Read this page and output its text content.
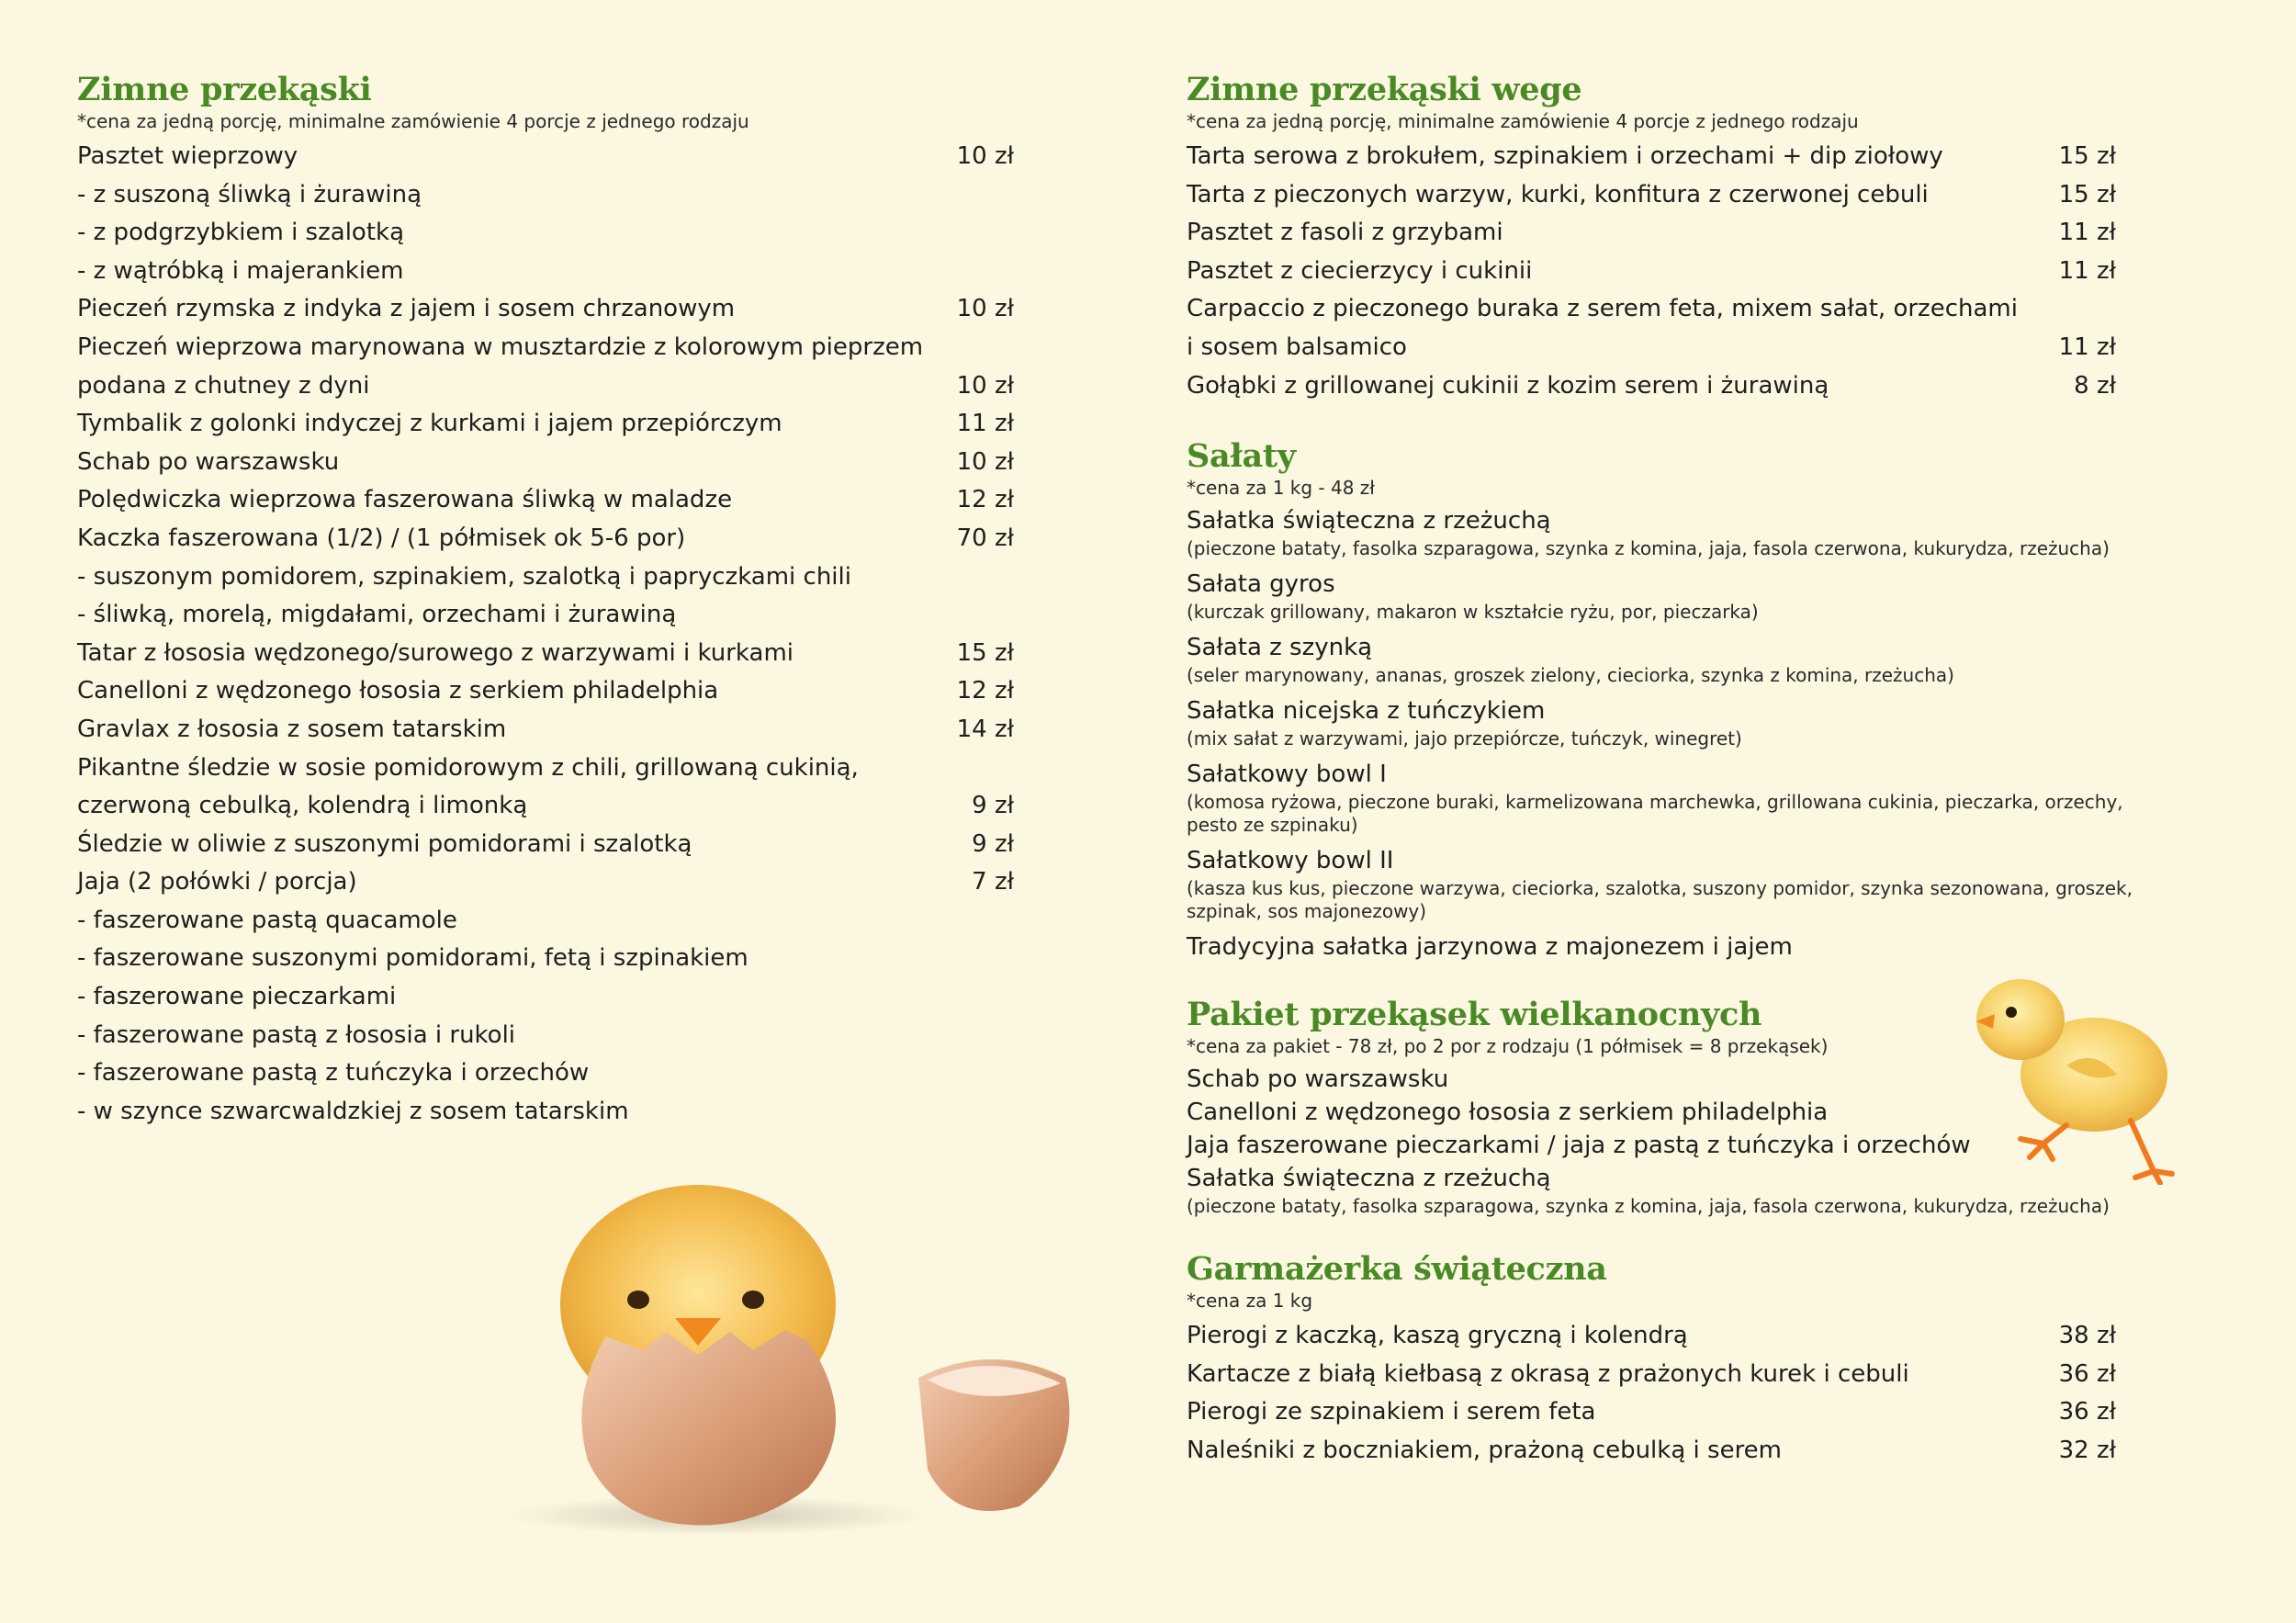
Zimne przekąski

*cena za jedną porcję, minimalne zamówienie 4 porcje z jednego rodzaju

Pasztet wieprzowy	10 zł
- z suszoną śliwką i żurawiną
- z podgrzybkiem i szalotką
- z wątróbką i majerankiem
Pieczeń rzymska z indyka z jajem i sosem chrzanowym	10 zł
Pieczeń wieprzowa marynowana w musztardzie z kolorowym pieprzem
podana z chutney z dyni	10 zł
Tymbalik z golonki indyczej z kurkami i jajem przepiórczym	11 zł
Schab po warszawsku	10 zł
Polędwiczka wieprzowa faszerowana śliwką w maladze	12 zł
Kaczka faszerowana (1/2) / (1 półmisek ok 5-6 por)	70 zł
- suszonym pomidorem, szpinakiem, szalotką i papryczkami chili
- śliwką, morelą, migdałami, orzechami i żurawiną
Tatar z łososia wędzonego/surowego z warzywami i kurkami	15 zł
Canelloni z wędzonego łososia z serkiem philadelphia	12 zł
Gravlax z łososia z sosem tatarskim	14 zł
Pikantne śledzie w sosie pomidorowym z chili, grillowaną cukinią,
czerwoną cebulką, kolendrą i limonką	9 zł
Śledzie w oliwie z suszonymi pomidorami i szalotką	9 zł
Jaja (2 połówki / porcja)	7 zł
- faszerowane pastą quacamole
- faszerowane suszonymi pomidorami, fetą i szpinakiem
- faszerowane pieczarkami
- faszerowane pastą z łososia i rukoli
- faszerowane pastą z tuńczyka i orzechów
- w szynce szwarcwaldzkiej z sosem tatarskim
Zimne przekąski wege

*cena za jedną porcję, minimalne zamówienie 4 porcje z jednego rodzaju

Tarta serowa z brokułem, szpinakiem i orzechami + dip ziołowy	15 zł
Tarta z pieczonych warzyw, kurki, konfitura z czerwonej cebuli	15 zł
Pasztet z fasoli z grzybami	11 zł
Pasztet z ciecierzycy i cukinii	11 zł
Carpaccio z pieczonego buraka z serem feta, mixem sałat, orzechami
i sosem balsamico	11 zł
Gołąbki z grillowanej cukinii z kozim serem i żurawiną	8 zł
Sałaty

*cena za 1 kg - 48 zł

Sałatka świąteczna z rzeżuchą
(pieczone bataty, fasolka szparagowa, szynka z komina, jaja, fasola czerwona, kukurydza, rzeżucha)
Sałata gyros
(kurczak grillowany, makaron w kształcie ryżu, por, pieczarka)
Sałata z szynką
(seler marynowany, ananas, groszek zielony, cieciorka, szynka z komina, rzeżucha)
Sałatka nicejska z tuńczykiem
(mix sałat z warzywami, jajo przepiórcze, tuńczyk, winegret)
Sałatkowy bowl I
(komosa ryżowa, pieczone buraki, karmelizowana marchewka, grillowana cukinia, pieczarka, orzechy, pesto ze szpinaku)
Sałatkowy bowl II
(kasza kus kus, pieczone warzywa, cieciorka, szalotka, suszony pomidor, szynka sezonowana, groszek, szpinak, sos majonezowy)
Tradycyjna sałatka jarzynowa z majonezem i jajem
Pakiet przekąsek wielkanocnych

*cena za pakiet - 78 zł, po 2 por z rodzaju (1 półmisek = 8 przekąsek)

Schab po warszawsku
Canelloni z wędzonego łososia z serkiem philadelphia
Jaja faszerowane pieczarkami / jaja z pastą z tuńczyka i orzechów
Sałatka świąteczna z rzeżuchą
(pieczone bataty, fasolka szparagowa, szynka z komina, jaja, fasola czerwona, kukurydza, rzeżucha)
Garmażerka świąteczna

*cena za 1 kg

Pierogi z kaczką, kaszą gryczną i kolendrą	38 zł
Kartacze z białą kiełbasą z okrasą z prażonych kurek i cebuli	36 zł
Pierogi ze szpinakiem i serem feta	36 zł
Naleśniki z boczniakiem, prażoną cebulką i serem	32 zł
